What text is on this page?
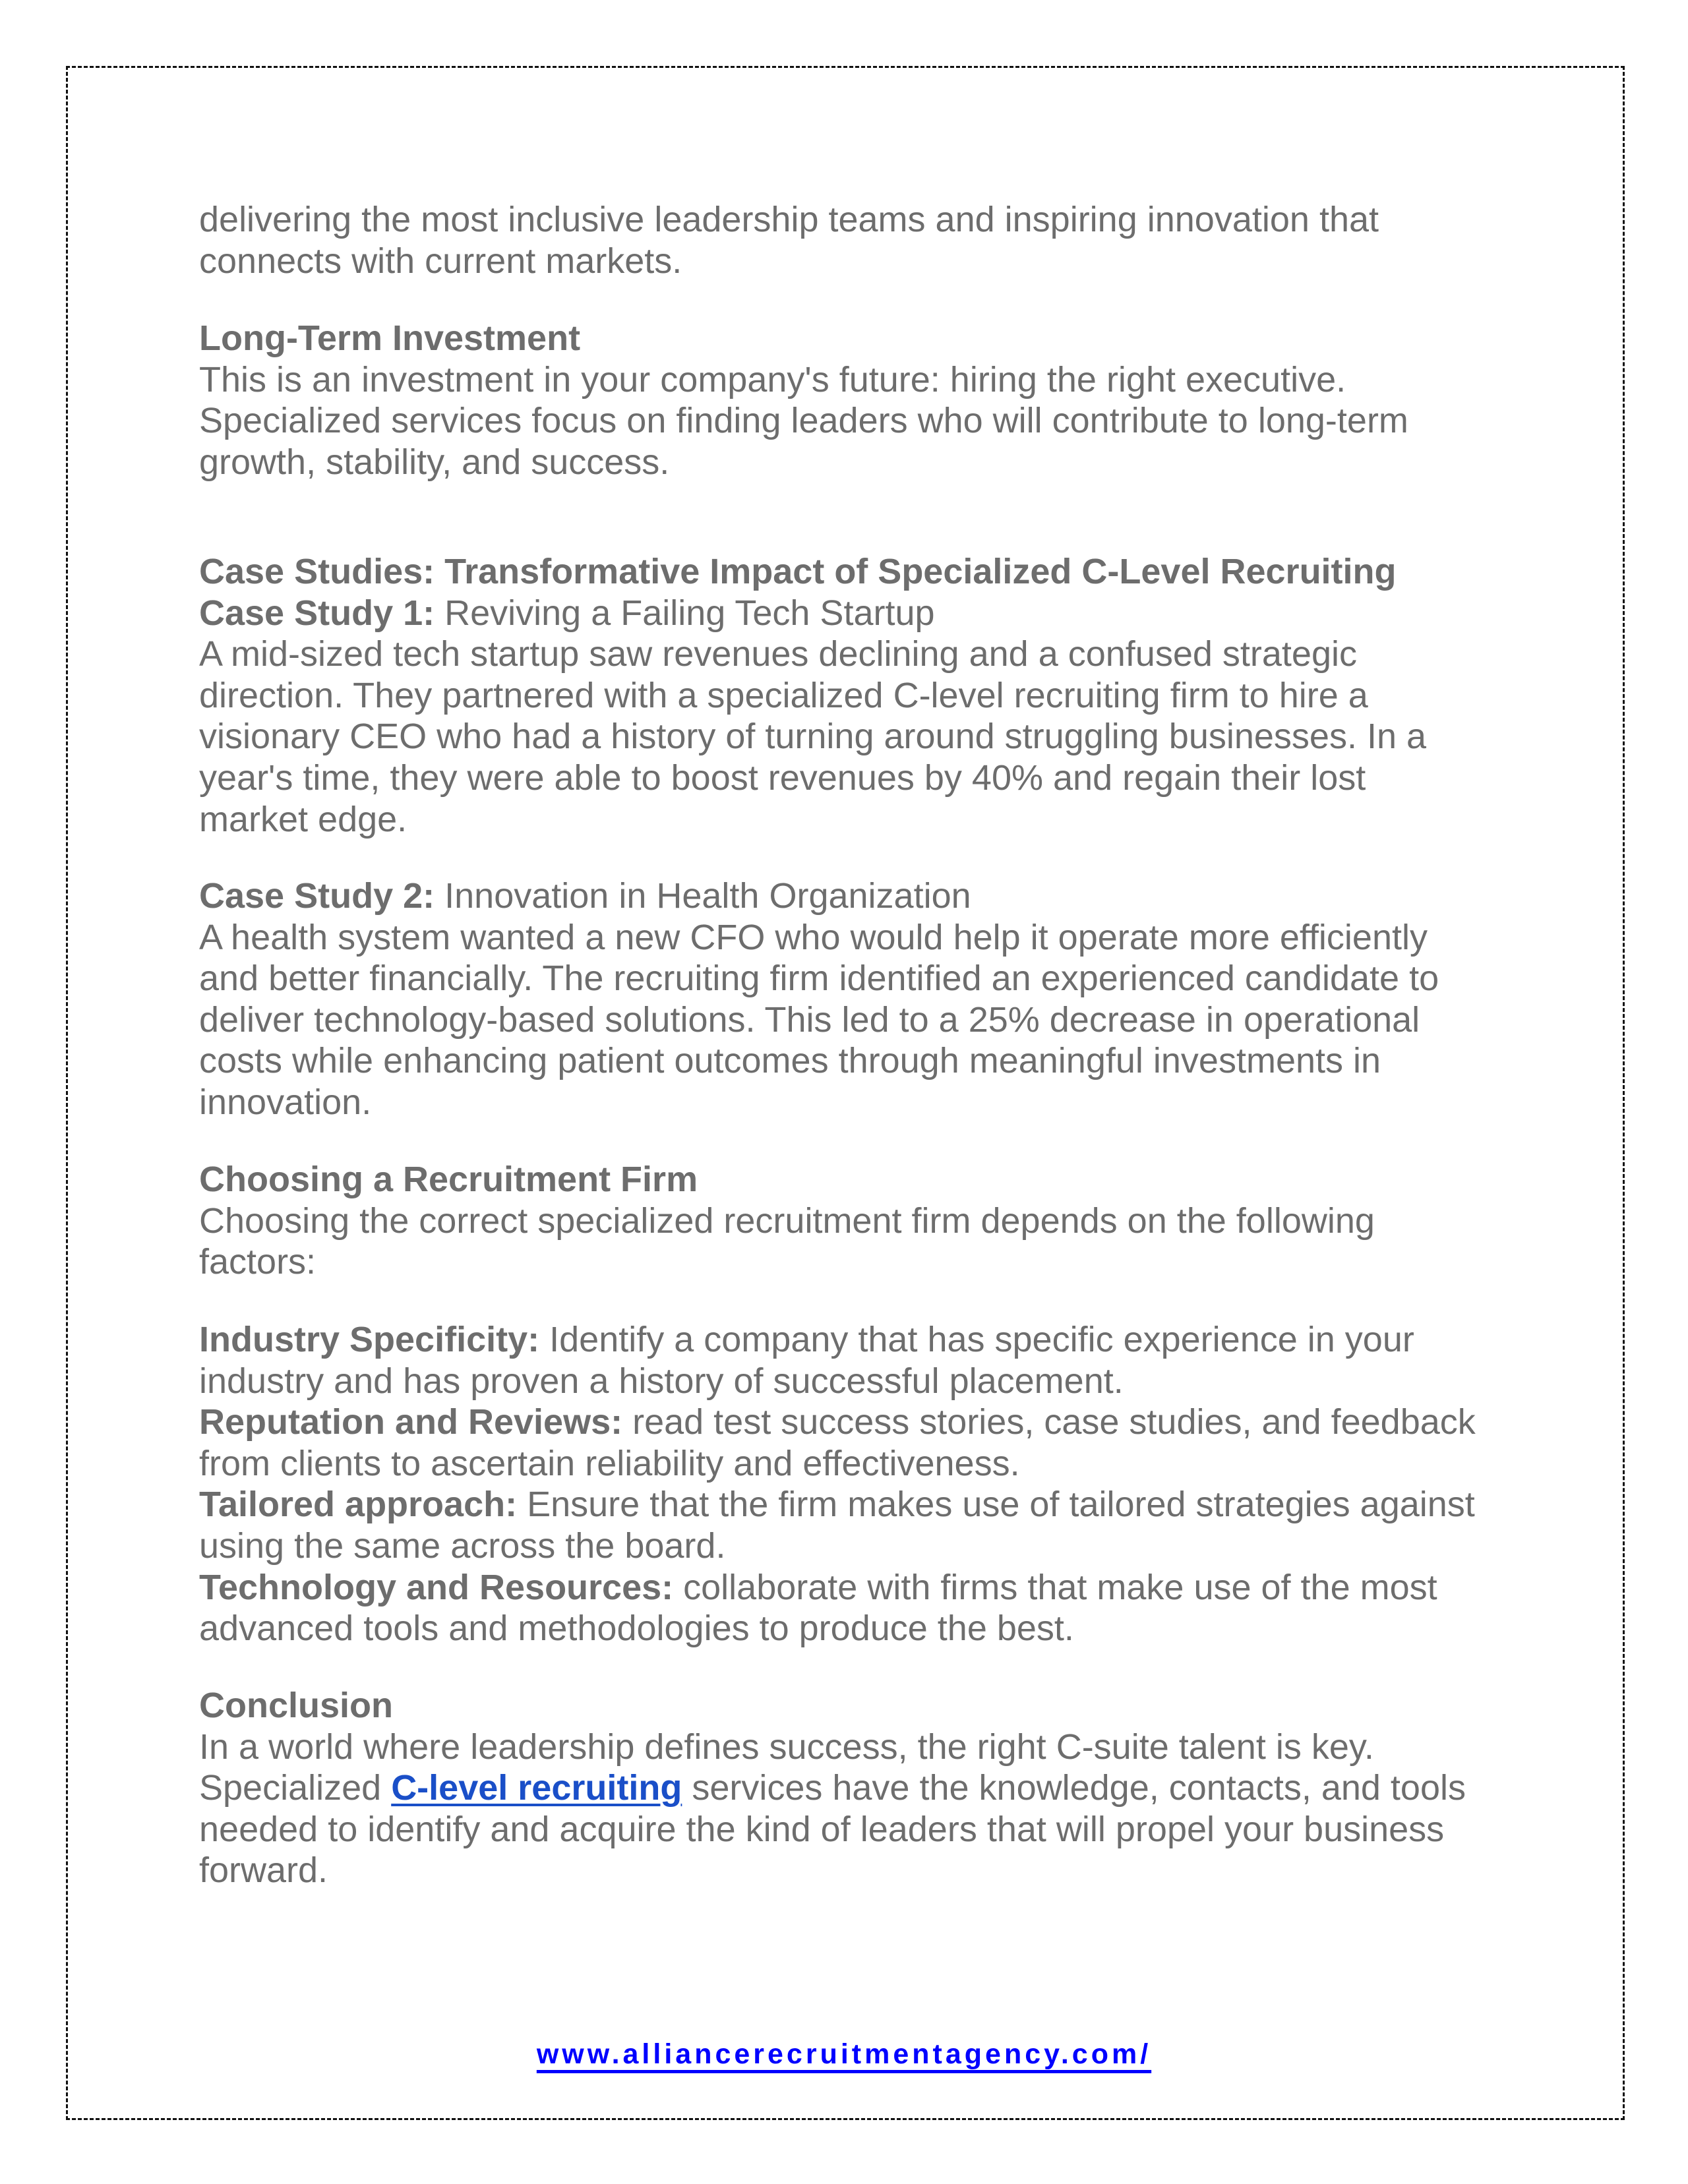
delivering the most inclusive leadership teams and inspiring innovation that
connects with current markets.
Long-Term Investment
This is an investment in your company's future: hiring the right executive.
Specialized services focus on finding leaders who will contribute to long-term
growth, stability, and success.
Case Studies: Transformative Impact of Specialized C-Level Recruiting
Case Study 1: Reviving a Failing Tech Startup
A mid-sized tech startup saw revenues declining and a confused strategic
direction. They partnered with a specialized C-level recruiting firm to hire a
visionary CEO who had a history of turning around struggling businesses. In a
year's time, they were able to boost revenues by 40% and regain their lost
market edge.
Case Study 2: Innovation in Health Organization
A health system wanted a new CFO who would help it operate more efficiently
and better financially. The recruiting firm identified an experienced candidate to
deliver technology-based solutions. This led to a 25% decrease in operational
costs while enhancing patient outcomes through meaningful investments in
innovation.
Choosing a Recruitment Firm
Choosing the correct specialized recruitment firm depends on the following
factors:
Industry Specificity: Identify a company that has specific experience in your
industry and has proven a history of successful placement.
Reputation and Reviews: read test success stories, case studies, and feedback
from clients to ascertain reliability and effectiveness.
Tailored approach: Ensure that the firm makes use of tailored strategies against
using the same across the board.
Technology and Resources: collaborate with firms that make use of the most
advanced tools and methodologies to produce the best.
Conclusion
In a world where leadership defines success, the right C-suite talent is key.
Specialized C-level recruiting services have the knowledge, contacts, and tools
needed to identify and acquire the kind of leaders that will propel your business
forward.
www.alliancerecruitmentagency.com/
